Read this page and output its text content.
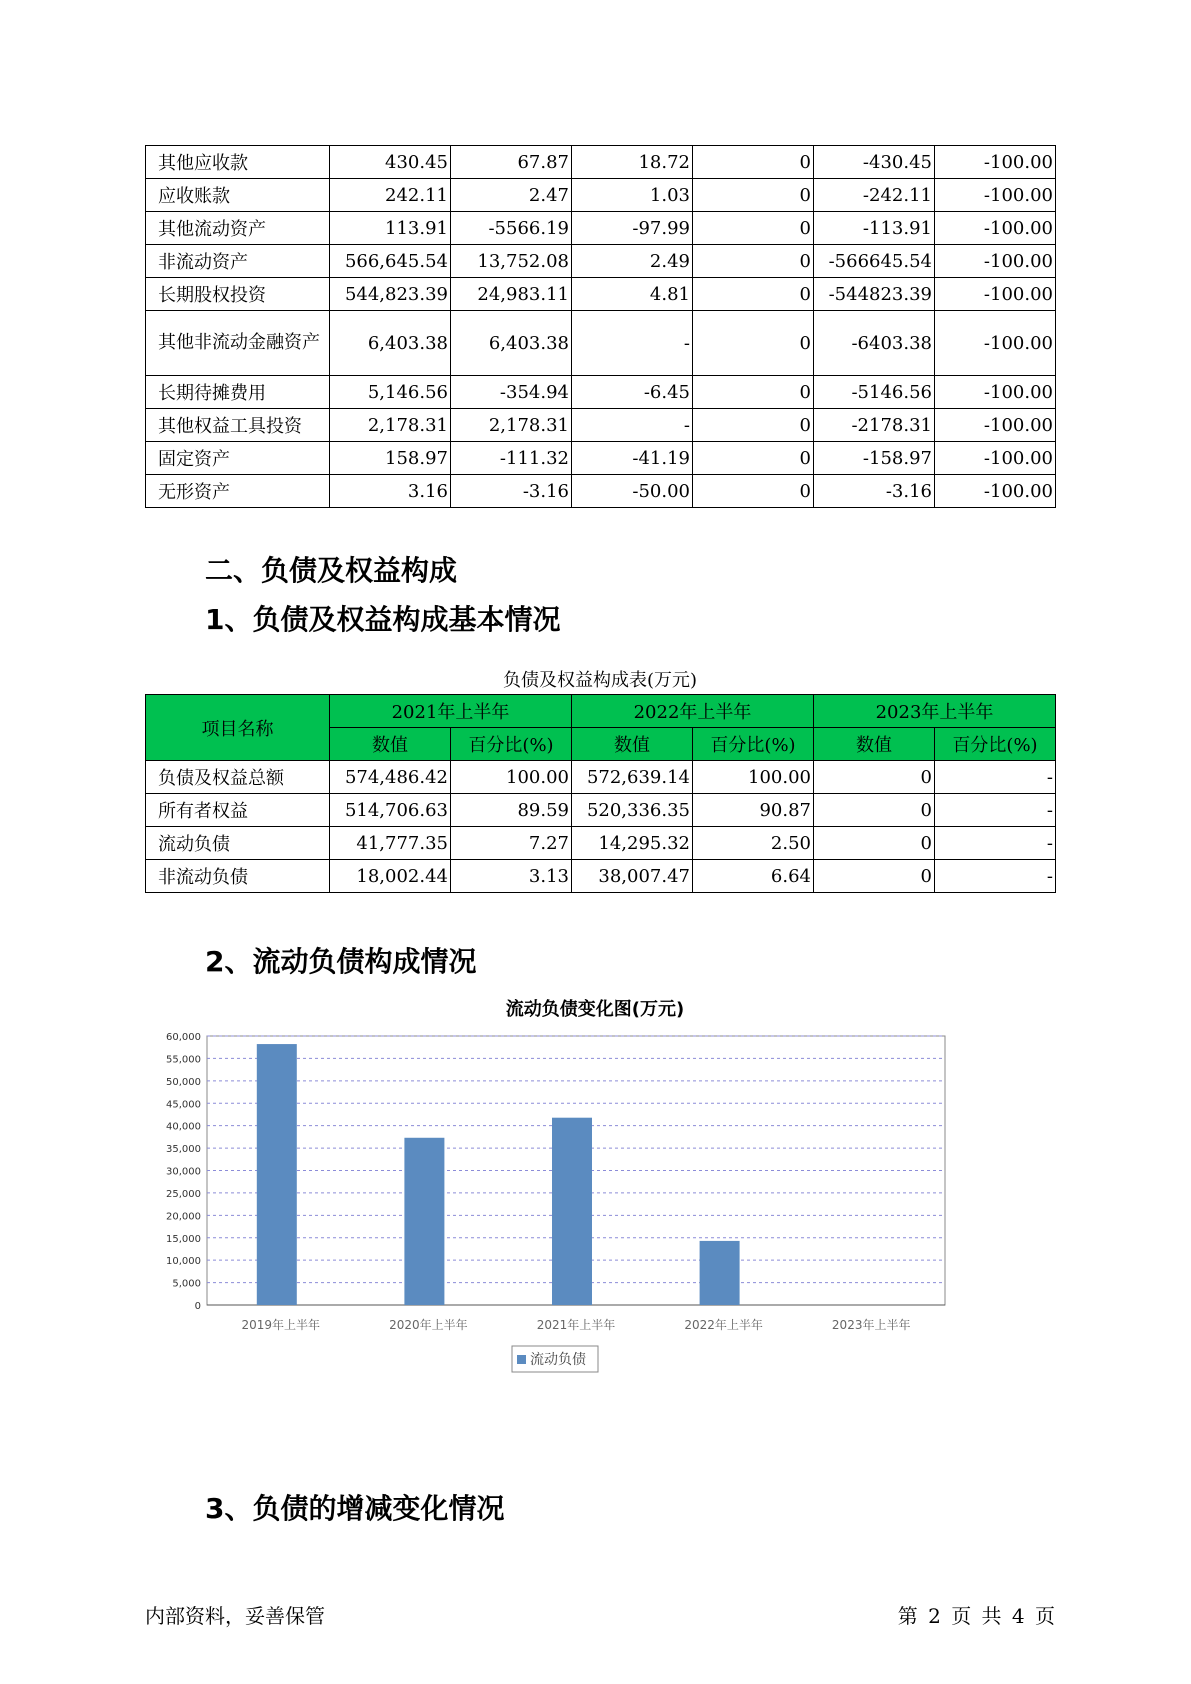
其他应收款	430.45	67.87	18.72	0	-430.45	-100.00
应收账款	242.11	2.47	1.03	0	-242.11	-100.00
其他流动资产	113.91	-5566.19	-97.99	0	-113.91	-100.00
非流动资产	566,645.54	13,752.08	2.49	0	-566645.54	-100.00
长期股权投资	544,823.39	24,983.11	4.81	0	-544823.39	-100.00
其他非流动金融资产	6,403.38	6,403.38	-	0	-6403.38	-100.00
长期待摊费用	5,146.56	-354.94	-6.45	0	-5146.56	-100.00
其他权益工具投资	2,178.31	2,178.31	-	0	-2178.31	-100.00
固定资产	158.97	-111.32	-41.19	0	-158.97	-100.00
无形资产	3.16	-3.16	-50.00	0	-3.16	-100.00
二、负债及权益构成
1、负债及权益构成基本情况
负债及权益构成表(万元)
项目名称	2021年上半年		2022年上半年		2023年上半年	
	数值	百分比(%)	数值	百分比(%)	数值	百分比(%)
负债及权益总额	574,486.42	100.00	572,639.14	100.00	0	-
所有者权益	514,706.63	89.59	520,336.35	90.87	0	-
流动负债	41,777.35	7.27	14,295.32	2.50	0	-
非流动负债	18,002.44	3.13	38,007.47	6.64	0	-
2、流动负债构成情况
流动负债变化图(万元)
0
5,000
10,000
15,000
20,000
25,000
30,000
35,000
40,000
45,000
50,000
55,000
60,000
2019年上半年	2020年上半年	2021年上半年	2022年上半年	2023年上半年
流动负债
3、负债的增减变化情况
内部资料，妥善保管	第 2 页 共 4 页
